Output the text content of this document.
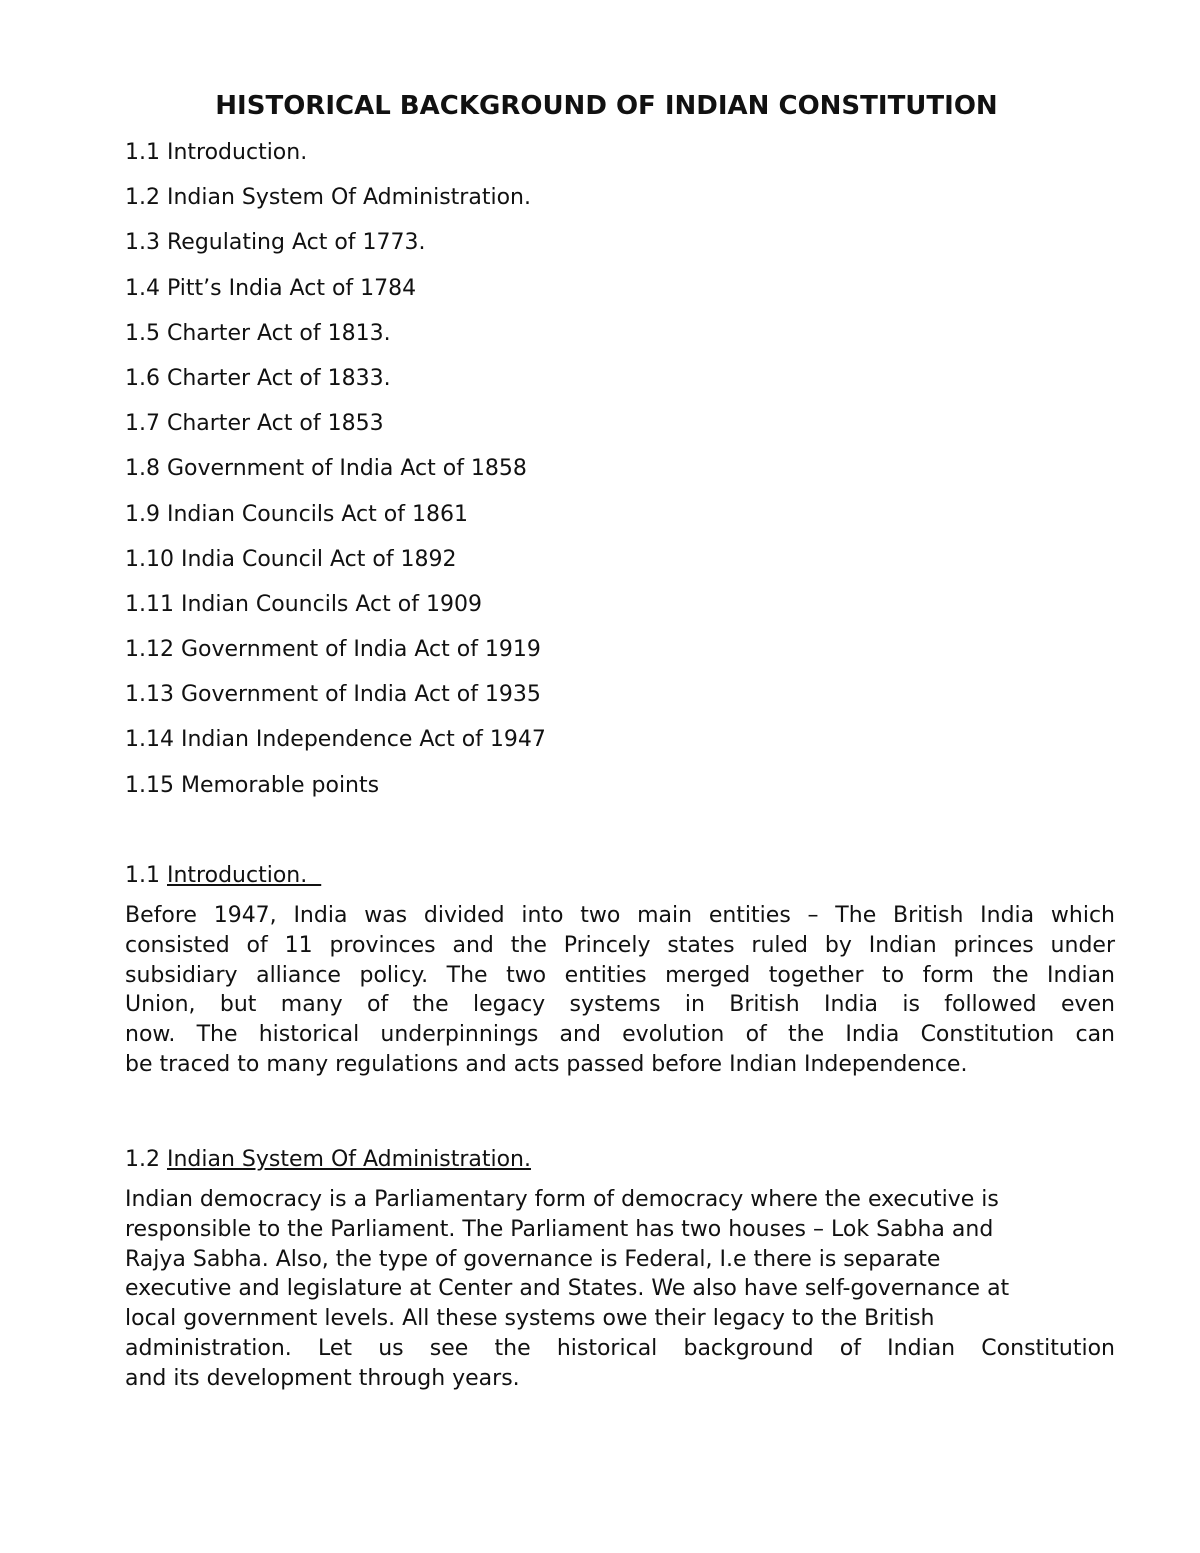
HISTORICAL BACKGROUND OF INDIAN CONSTITUTION
1.1 Introduction.
1.2 Indian System Of Administration.
1.3 Regulating Act of 1773.
1.4 Pitt’s India Act of 1784
1.5 Charter Act of 1813.
1.6 Charter Act of 1833.
1.7 Charter Act of 1853
1.8 Government of India Act of 1858
1.9 Indian Councils Act of 1861
1.10 India Council Act of 1892
1.11 Indian Councils Act of 1909
1.12 Government of India Act of 1919
1.13 Government of India Act of 1935
1.14 Indian Independence Act of 1947
1.15 Memorable points

1.1 Introduction.

Before 1947, India was divided into two main entities – The British India which
consisted of 11 provinces and the Princely states ruled by Indian princes under
subsidiary alliance policy. The two entities merged together to form the Indian
Union, but many of the legacy systems in British India is followed even
now. The historical underpinnings and evolution of the India Constitution can
be traced to many regulations and acts passed before Indian Independence.

1.2 Indian System Of Administration.

Indian democracy is a Parliamentary form of democracy where the executive is
responsible to the Parliament. The Parliament has two houses – Lok Sabha and
Rajya Sabha. Also, the type of governance is Federal, I.e there is separate
executive and legislature at Center and States. We also have self-governance at
local government levels. All these systems owe their legacy to the British
administration. Let us see the historical background of Indian Constitution
and its development through years.
